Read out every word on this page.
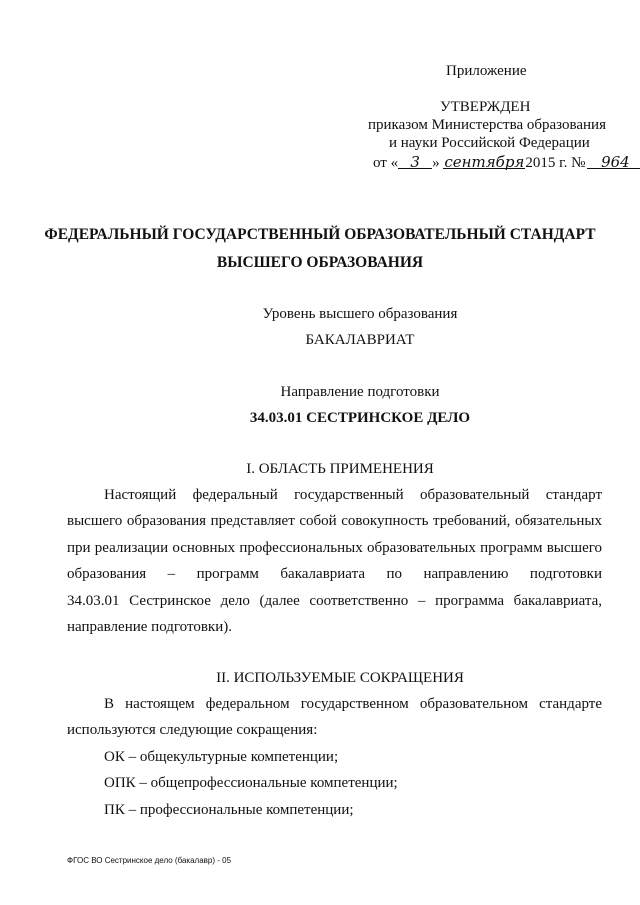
Приложение
УТВЕРЖДЕН
приказом Министерства образования
и науки Российской Федерации
от « 3 » сентября2015 г. № 964
ФЕДЕРАЛЬНЫЙ ГОСУДАРСТВЕННЫЙ ОБРАЗОВАТЕЛЬНЫЙ СТАНДАРТ
ВЫСШЕГО ОБРАЗОВАНИЯ
Уровень высшего образования
БАКАЛАВРИАТ
Направление подготовки
34.03.01 СЕСТРИНСКОЕ ДЕЛО
I. ОБЛАСТЬ ПРИМЕНЕНИЯ
Настоящий федеральный государственный образовательный стандарт
высшего образования представляет собой совокупность требований, обязательных
при реализации основных профессиональных образовательных программ высшего
образования – программ бакалавриата по направлению подготовки
34.03.01 Сестринское дело (далее соответственно – программа бакалавриата,
направление подготовки).
II. ИСПОЛЬЗУЕМЫЕ СОКРАЩЕНИЯ
В настоящем федеральном государственном образовательном стандарте
используются следующие сокращения:
ОК – общекультурные компетенции;
ОПК – общепрофессиональные компетенции;
ПК – профессиональные компетенции;
ФГОС ВО Сестринское дело (бакалавр) - 05
